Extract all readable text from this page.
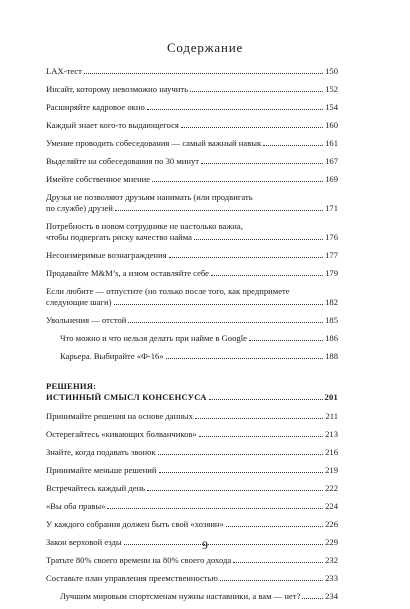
Содержание
LAX-тест	150
Инсайт, которому невозможно научить	152
Расширяйте кадровое окно	154
Каждый знает кого-то выдающегося	160
Умение проводить собеседования — самый важный навык	161
Выделяйте на собеседования по 30 минут	167
Имейте собственное мнение	169
Друзья не позволяют друзьям нанимать (или продвигать
по службе) друзей	171
Потребность в новом сотруднике не настолько важна,
чтобы подвергать риску качество найма	176
Несоизмеримые вознаграждения	177
Продавайте M&M’s, а изюм оставляйте себе	179
Если любите — отпустите (но только после того, как предпримете
следующие шаги)	182
Увольнения — отстой	185
Что можно и что нельзя делать при найме в Google	186
Карьера. Выбирайте «Ф-16»	188
РЕШЕНИЯ:
ИСТИННЫЙ СМЫСЛ КОНСЕНСУСА	201
Принимайте решения на основе данных	211
Остерегайтесь «кивающих болванчиков»	213
Знайте, когда подавать звонок	216
Принимайте меньше решений	219
Встречайтесь каждый день	222
«Вы оба правы»	224
У каждого собрания должен быть свой «хозяин»	226
Закон верховой езды	229
Тратьте 80% своего времени на 80% своего дохода	232
Составьте план управления преемственностью	233
Лучшим мировым спортсменам нужны наставники, а вам — нет?	234
9
